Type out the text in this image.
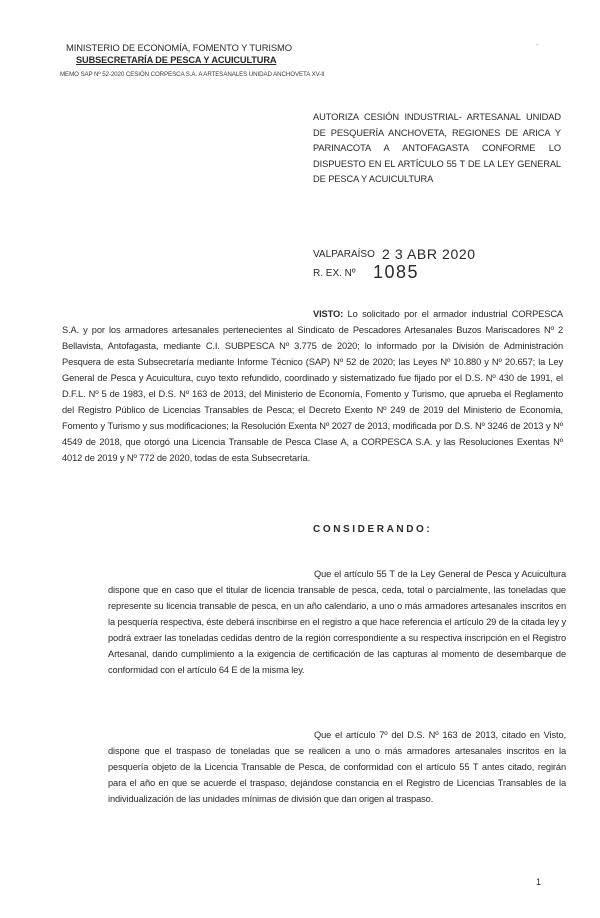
MINISTERIO DE ECONOMÍA, FOMENTO Y TURISMO
SUBSECRETARÍA DE PESCA Y ACUICULTURA
MEMO SAP Nº 52-2020 CESIÓN CORPESCA S.A. A ARTESANALES UNIDAD ANCHOVETA XV-II
-
AUTORIZA CESIÓN INDUSTRIAL- ARTESANAL UNIDAD DE PESQUERÍA ANCHOVETA, REGIONES DE ARICA Y PARINACOTA A ANTOFAGASTA CONFORME LO DISPUESTO EN EL ARTÍCULO 55 T DE LA LEY GENERAL DE PESCA Y ACUICULTURA
VALPARAÍSO 2 3 ABR 2020
R. EX. Nº 1085
VISTO: Lo solicitado por el armador industrial CORPESCA S.A. y por los armadores artesanales pertenecientes al Sindicato de Pescadores Artesanales Buzos Mariscadores Nº 2 Bellavista, Antofagasta, mediante C.I. SUBPESCA Nº 3.775 de 2020; lo informado por la División de Administración Pesquera de esta Subsecretaría mediante Informe Técnico (SAP) Nº 52 de 2020; las Leyes Nº 10.880 y Nº 20.657; la Ley General de Pesca y Acuicultura, cuyo texto refundido, coordinado y sistematizado fue fijado por el D.S. Nº 430 de 1991, el D.F.L. Nº 5 de 1983, el D.S. Nº 163 de 2013, del Ministerio de Economía, Fomento y Turismo, que aprueba el Reglamento del Registro Público de Licencias Transables de Pesca; el Decreto Exento Nº 249 de 2019 del Ministerio de Economía, Fomento y Turismo y sus modificaciones; la Resolución Exenta Nº 2027 de 2013, modificada por D.S. Nº 3246 de 2013 y Nº 4549 de 2018, que otorgó una Licencia Transable de Pesca Clase A, a CORPESCA S.A. y las Resoluciones Exentas Nº 4012 de 2019 y Nº 772 de 2020, todas de esta Subsecretaría.
CONSIDERANDO:
Que el artículo 55 T de la Ley General de Pesca y Acuicultura dispone que en caso que el titular de licencia transable de pesca, ceda, total o parcialmente, las toneladas que represente su licencia transable de pesca, en un año calendario, a uno o más armadores artesanales inscritos en la pesquería respectiva, éste deberá inscribirse en el registro a que hace referencia el artículo 29 de la citada ley y podrá extraer las toneladas cedidas dentro de la región correspondiente a su respectiva inscripción en el Registro Artesanal, dando cumplimiento a la exigencia de certificación de las capturas al momento de desembarque de conformidad con el artículo 64 E de la misma ley.
Que el artículo 7º del D.S. Nº 163 de 2013, citado en Visto, dispone que el traspaso de toneladas que se realicen a uno o más armadores artesanales inscritos en la pesquería objeto de la Licencia Transable de Pesca, de conformidad con el artículo 55 T antes citado, regirán para el año en que se acuerde el traspaso, dejándose constancia en el Registro de Licencias Transables de la individualización de las unidades mínimas de división que dan origen al traspaso.
1
